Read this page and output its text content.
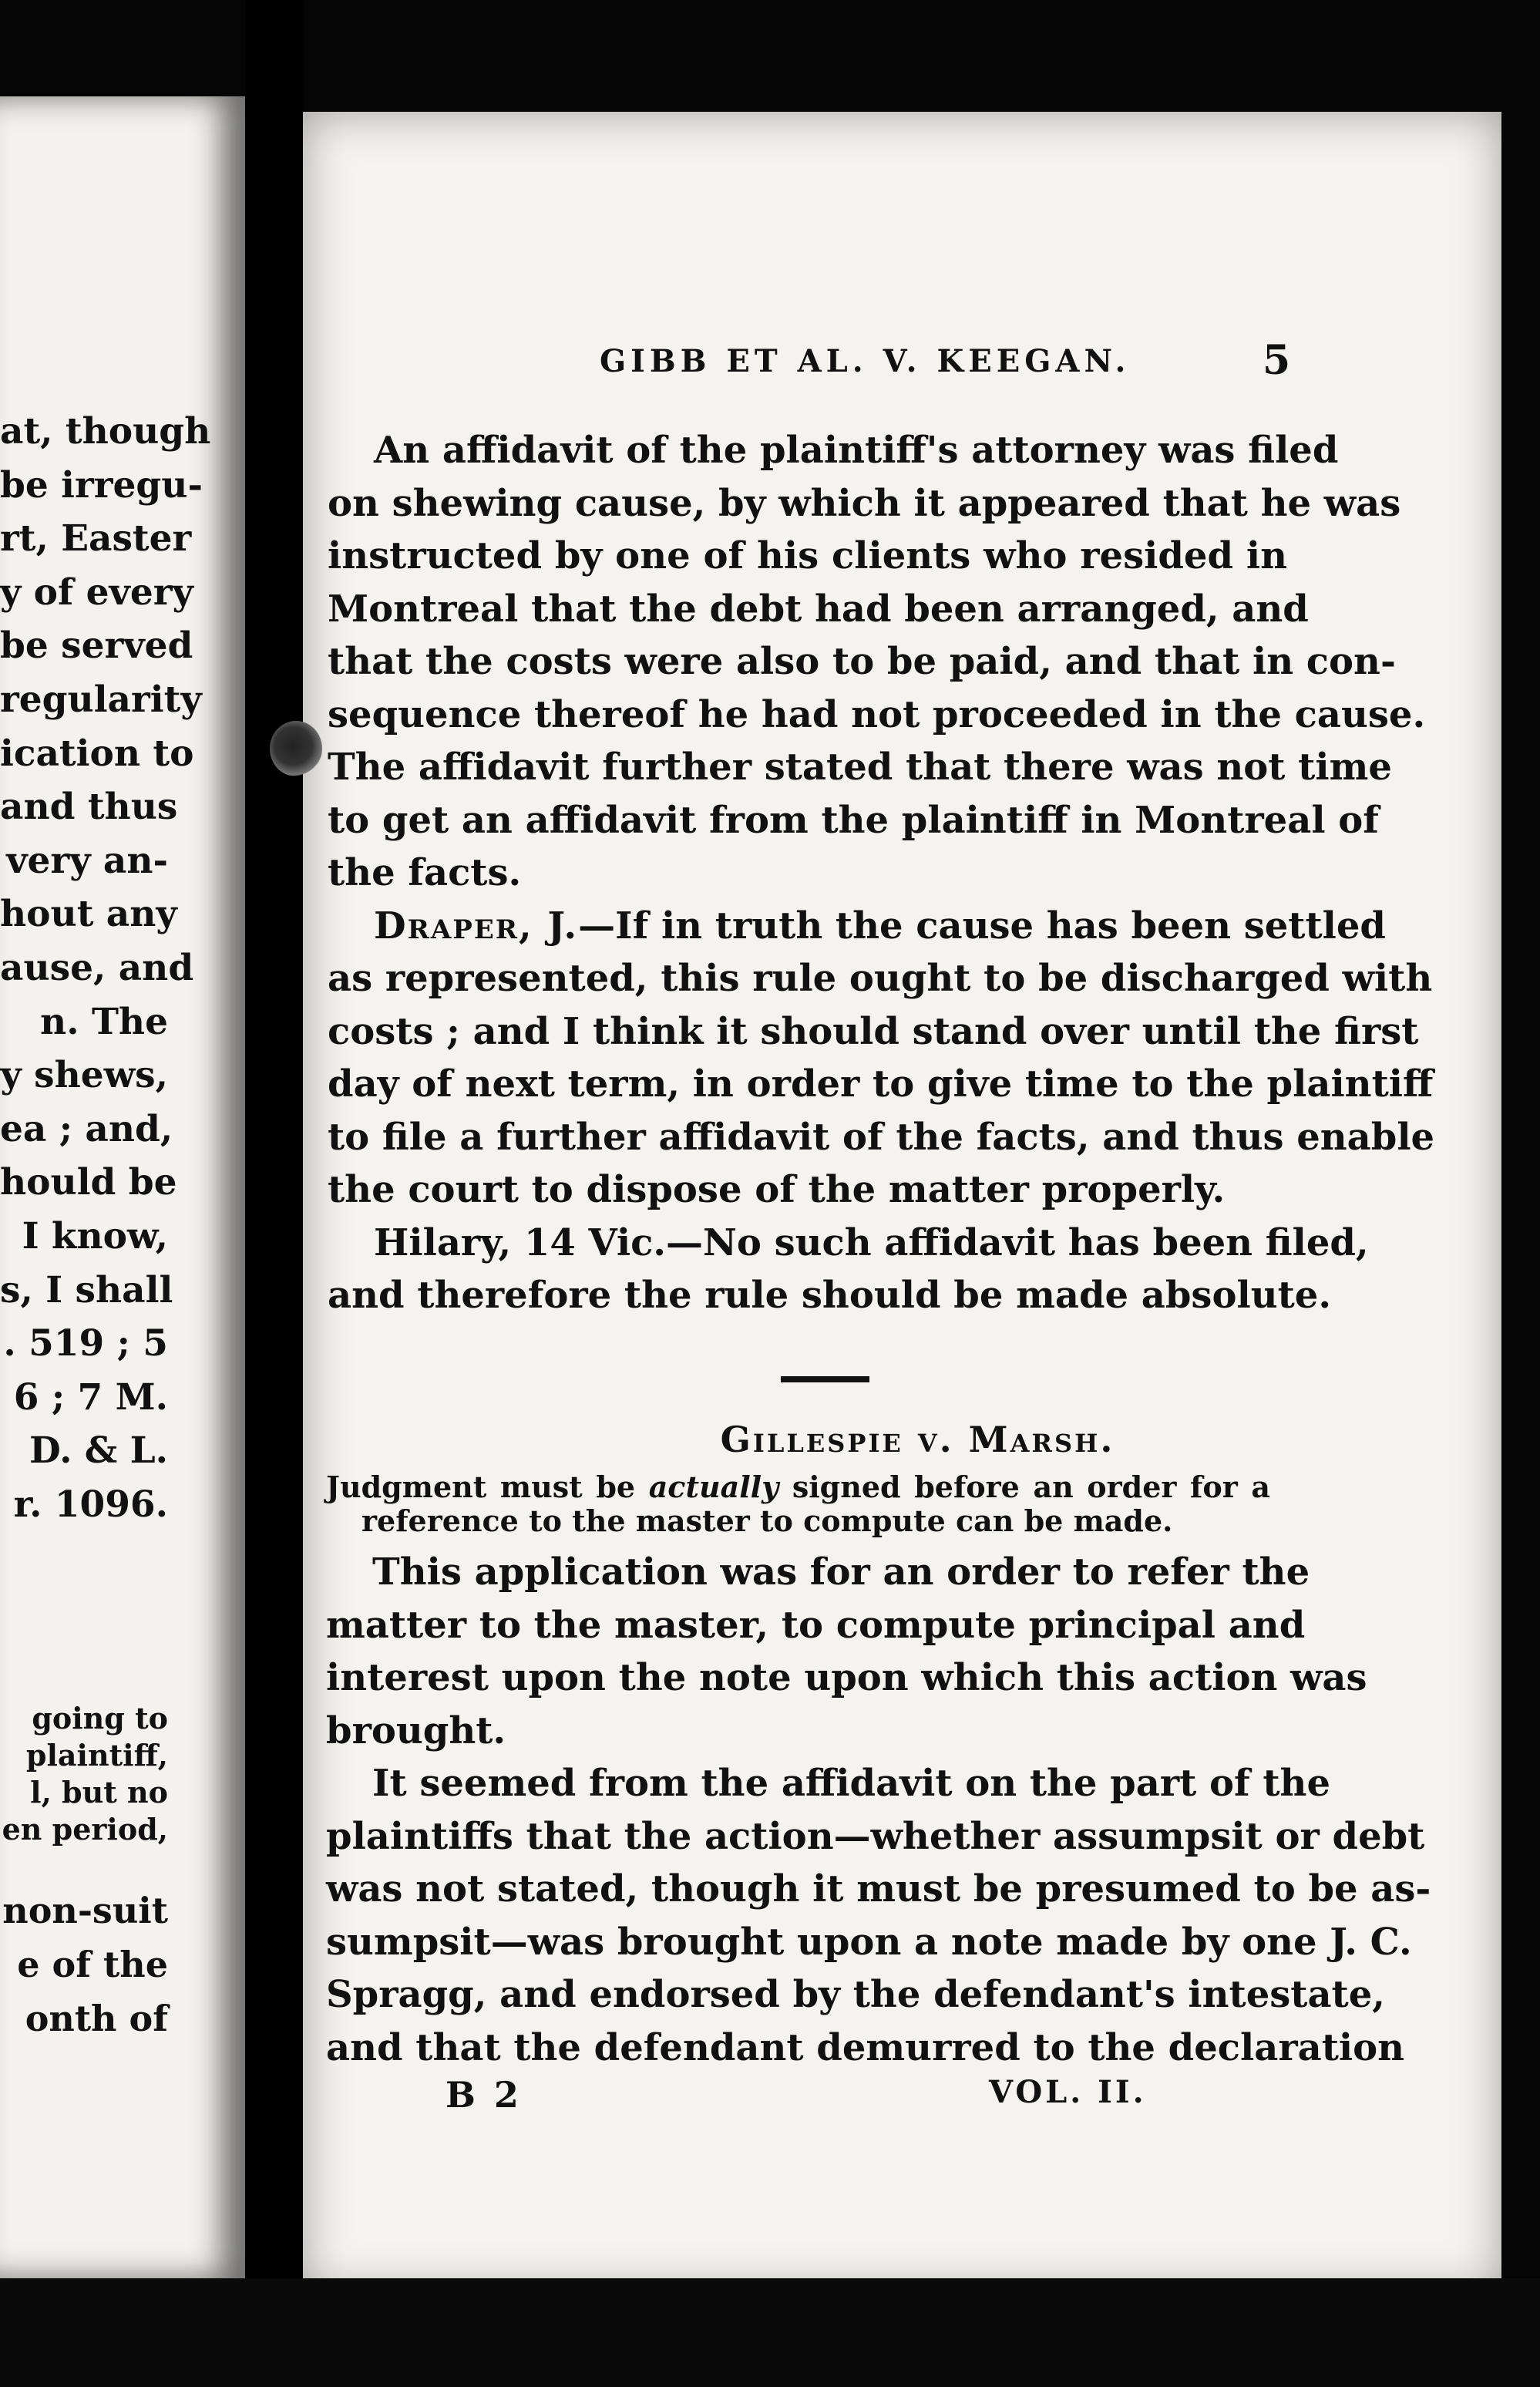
at, though
be irregu-
rt, Easter
y of every
be served
regularity
ication to
and thus
very an-
hout any
ause, and
n. The
y shews,
ea ; and,
hould be
I know,
s, I shall
. 519 ; 5
6 ; 7 M.
D. & L.
r. 1096.
going to
plaintiff,
l, but no
en period,
non-suit
e of the
onth of
GIBB ET AL. V. KEEGAN.	5

An affidavit of the plaintiff's attorney was filed
on shewing cause, by which it appeared that he was
instructed by one of his clients who resided in
Montreal that the debt had been arranged, and
that the costs were also to be paid, and that in con-
sequence thereof he had not proceeded in the cause.
The affidavit further stated that there was not time
to get an affidavit from the plaintiff in Montreal of
the facts.

Draper, J.—If in truth the cause has been settled
as represented, this rule ought to be discharged with
costs ; and I think it should stand over until the first
day of next term, in order to give time to the plaintiff
to file a further affidavit of the facts, and thus enable
the court to dispose of the matter properly.

Hilary, 14 Vic.—No such affidavit has been filed,
and therefore the rule should be made absolute.

Gillespie v. Marsh.
Judgment must be actually signed before an order for a
reference to the master to compute can be made.

This application was for an order to refer the
matter to the master, to compute principal and
interest upon the note upon which this action was
brought.

It seemed from the affidavit on the part of the
plaintiffs that the action—whether assumpsit or debt
was not stated, though it must be presumed to be as-
sumpsit—was brought upon a note made by one J. C.
Spragg, and endorsed by the defendant's intestate,
and that the defendant demurred to the declaration

B 2	VOL. II.
